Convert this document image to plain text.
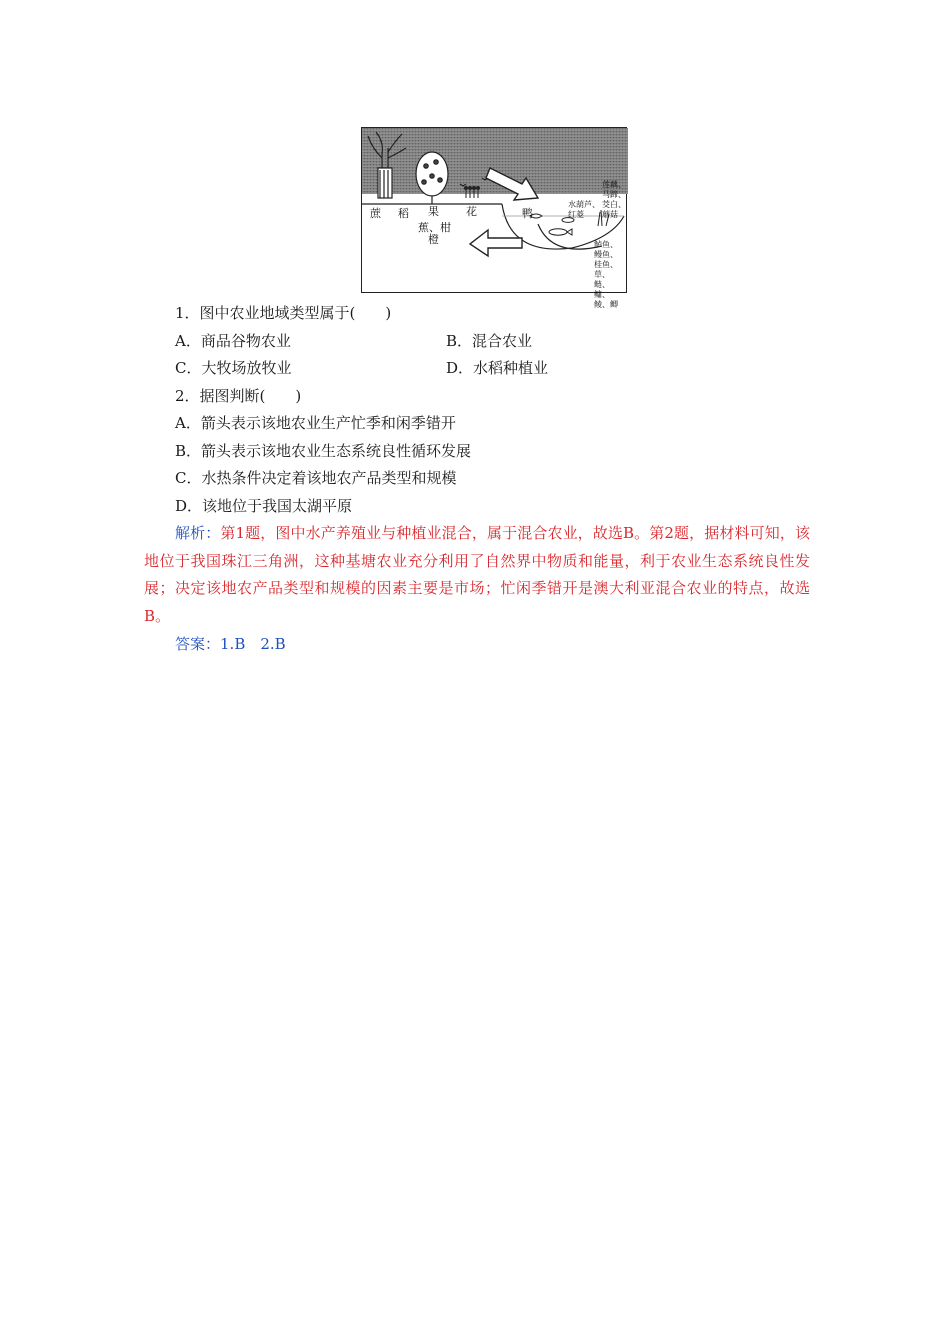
蔗 稻 果 花	鸭
蕉、柑
橙
水葫芦、
红菱
莲藕、马蹄、茭白、蘑菇
鲈鱼、鳗鱼、桂鱼、草、鲢、鳙、鲮、鲫
1．图中农业地域类型属于(　　)
A．商品谷物农业	B．混合农业
C．大牧场放牧业	D．水稻种植业
2．据图判断(　　)
A．箭头表示该地农业生产忙季和闲季错开
B．箭头表示该地农业生态系统良性循环发展
C．水热条件决定着该地农产品类型和规模
D．该地位于我国太湖平原
解析：第1题，图中水产养殖业与种植业混合，属于混合农业，故选B。第2题，据材料可知，该地位于我国珠江三角洲，这种基塘农业充分利用了自然界中物质和能量，利于农业生态系统良性发展；决定该地农产品类型和规模的因素主要是市场；忙闲季错开是澳大利亚混合农业的特点，故选B。
答案：1.B　2.B
